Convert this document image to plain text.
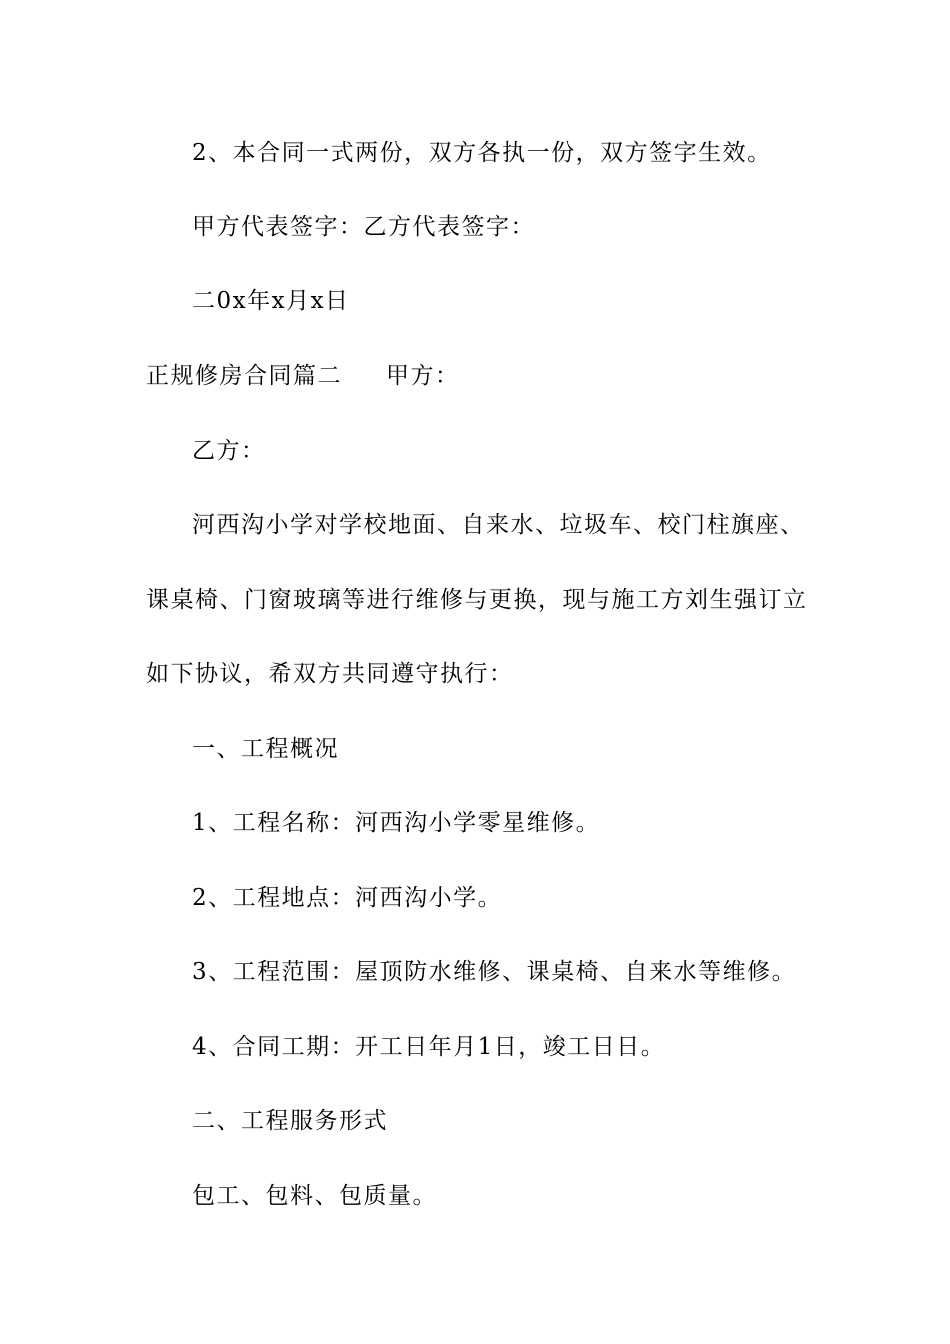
2、本合同一式两份，双方各执一份，双方签字生效。
甲方代表签字：乙方代表签字：
二0x年x月x日
正规修房合同篇二 甲方：
乙方：
河西沟小学对学校地面、自来水、垃圾车、校门柱旗座、
课桌椅、门窗玻璃等进行维修与更换，现与施工方刘生强订立
如下协议，希双方共同遵守执行：
一、工程概况
1、工程名称：河西沟小学零星维修。
2、工程地点：河西沟小学。
3、工程范围：屋顶防水维修、课桌椅、自来水等维修。
4、合同工期：开工日年月1日，竣工日日。
二、工程服务形式
包工、包料、包质量。
